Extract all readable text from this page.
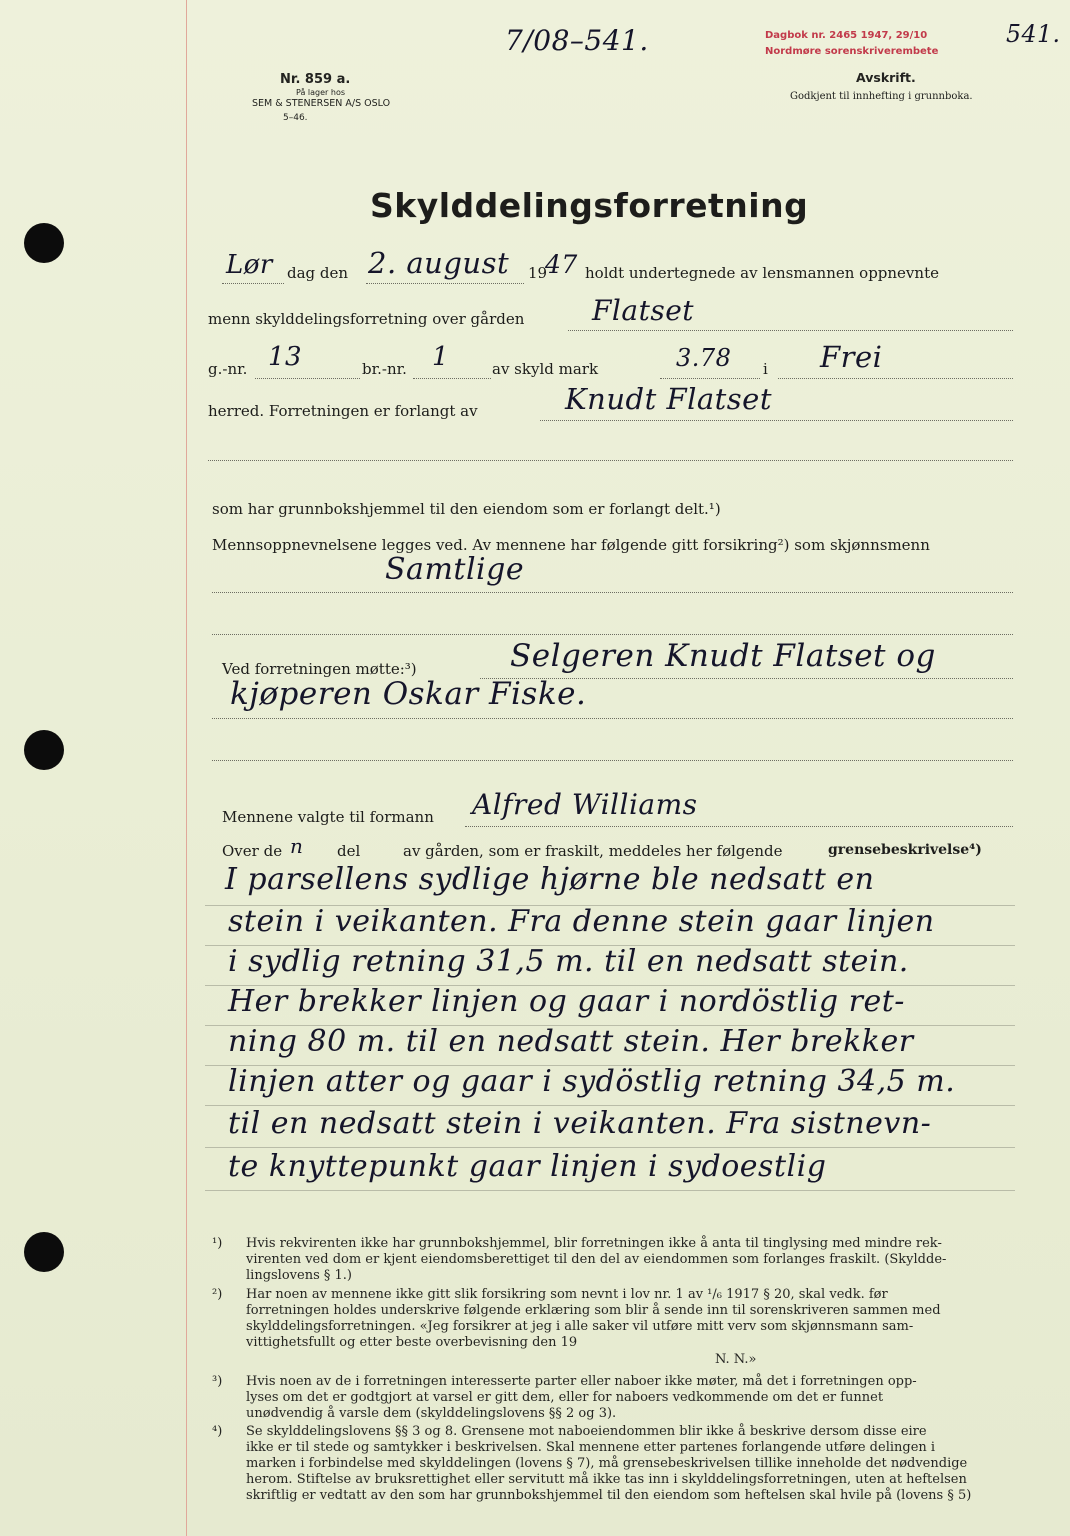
Nr. 859 a.
På lager hos
SEM & STENERSEN A/S OSLO
5–46.
7/08–541.	Dagbok nr. 2465 1947, 29/10
Nordmøre sorenskriverembete
541.
Avskrift.
Godkjent til innhefting i grunnboka.
Skylddelingsforretning
Lør dag den 2. august 19
47 holdt undertegnede av lensmannen oppnevnte
menn skylddelingsforretning over gården Flatset
g.-nr. 13	br.-nr. 1	av skyld mark	3.78 i Frei
herred. Forretningen er forlangt av	Knudt Flatset
som har grunnbokshjemmel til den eiendom som er forlangt delt.¹)
Mennsoppnevnelsene legges ved. Av mennene har følgende gitt forsikring²) som skjønnsmenn
Samtlige
Ved forretningen møtte:³)	Selgeren Knudt Flatset og
kjøperen Oskar Fiske.
Mennene valgte til formann Alfred Williams
Over de n del	av gården, som er fraskilt, meddeles her følgende	grensebeskrivelse⁴)
I parsellens sydlige hjørne ble nedsatt en
stein i veikanten. Fra denne stein gaar linjen
i sydlig retning 31,5 m. til en nedsatt stein.
Her brekker linjen og gaar i nordöstlig ret-
ning 80 m. til en nedsatt stein. Her brekker
linjen atter og gaar i sydöstlig retning 34,5 m.
til en nedsatt stein i veikanten. Fra sistnevn-
te knyttepunkt gaar linjen i sydoestlig
¹) Hvis rekvirenten ikke har grunnbokshjemmel, blir forretningen ikke å anta til tinglysing med mindre rek-
virenten ved dom er kjent eiendomsberettiget til den del av eiendommen som forlanges fraskilt. (Skyldde-
lingslovens § 1.)
²) Har noen av mennene ikke gitt slik forsikring som nevnt i lov nr. 1 av ¹/₆ 1917 § 20, skal vedk. før
forretningen holdes underskrive følgende erklæring som blir å sende inn til sorenskriveren sammen med
skylddelingsforretningen. «Jeg forsikrer at jeg i alle saker vil utføre mitt verv som skjønnsmann sam-
vittighetsfullt og etter beste overbevisning den 19
N. N.»
³) Hvis noen av de i forretningen interesserte parter eller naboer ikke møter, må det i forretningen opp-
lyses om det er godtgjort at varsel er gitt dem, eller for naboers vedkommende om det er funnet
unødvendig å varsle dem (skylddelingslovens §§ 2 og 3).
⁴) Se skylddelingslovens §§ 3 og 8. Grensene mot naboeiendommen blir ikke å beskrive dersom disse eire
ikke er til stede og samtykker i beskrivelsen. Skal mennene etter partenes forlangende utføre delingen i
marken i forbindelse med skylddelingen (lovens § 7), må grensebeskrivelsen tillike inneholde det nødvendige
herom. Stiftelse av bruksrettighet eller servitutt må ikke tas inn i skylddelingsforretningen, uten at heftelsen
skriftlig er vedtatt av den som har grunnbokshjemmel til den eiendom som heftelsen skal hvile på (lovens § 5)
